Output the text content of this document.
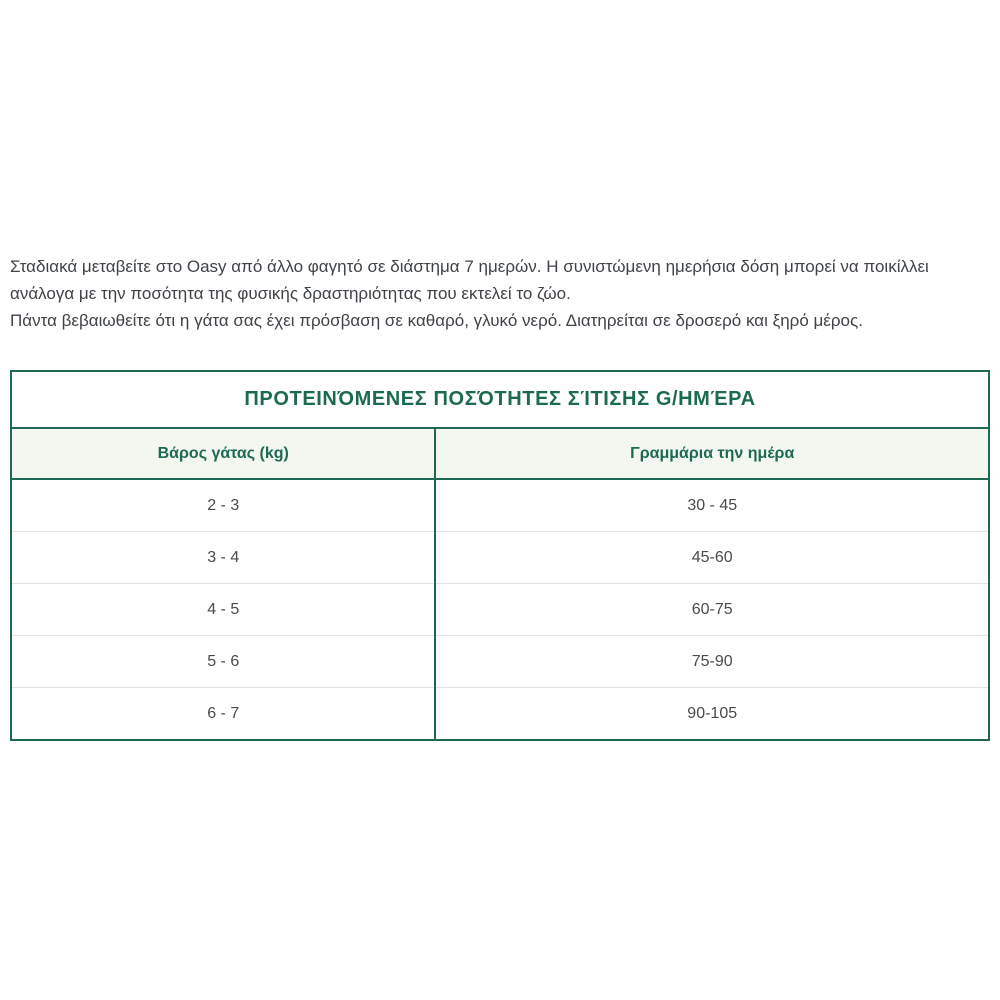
Σταδιακά μεταβείτε στο Oasy από άλλο φαγητό σε διάστημα 7 ημερών. Η συνιστώμενη ημερήσια δόση μπορεί να ποικίλλει ανάλογα με την ποσότητα της φυσικής δραστηριότητας που εκτελεί το ζώο.

Πάντα βεβαιωθείτε ότι η γάτα σας έχει πρόσβαση σε καθαρό, γλυκό νερό. Διατηρείται σε δροσερό και ξηρό μέρος.

ΠΡΟΤΕΙΝΌΜΕΝΕΣ ΠΟΣΌΤΗΤΕΣ ΣΊΤΙΣΗΣ G/ΗΜΈΡΑ	
Βάρος γάτας (kg)	Γραμμάρια την ημέρα
2 - 3	30 - 45
3 - 4	45-60
4 - 5	60-75
5 - 6	75-90
6 - 7	90-105
